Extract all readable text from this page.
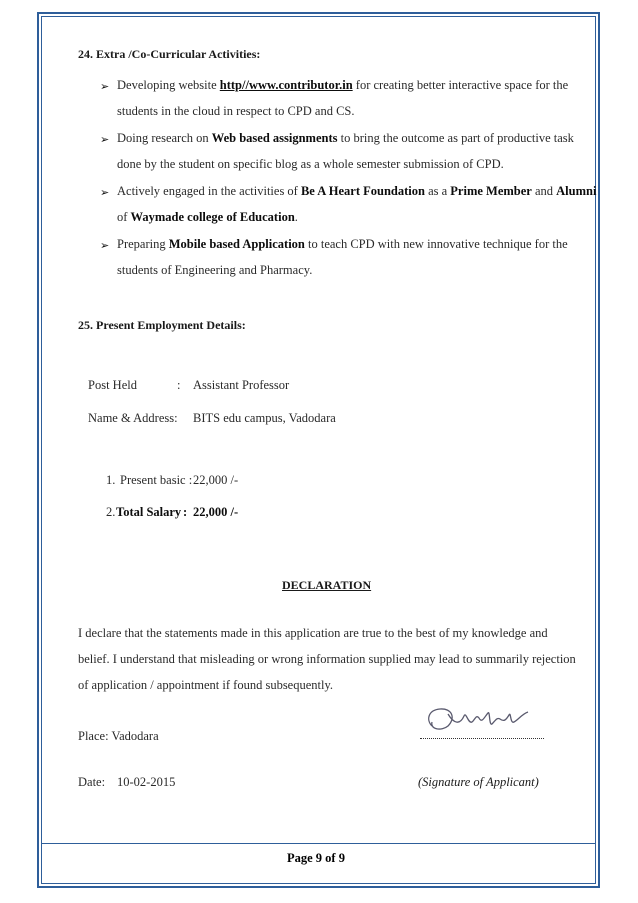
24. Extra /Co-Curricular Activities:
➢ Developing website http//www.contributor.in for creating better interactive space for the
students in the cloud in respect to CPD and CS.
➢ Doing research on Web based assignments to bring the outcome as part of productive task
done by the student on specific blog as a whole semester submission of CPD.
➢ Actively engaged in the activities of Be A Heart Foundation as a Prime Member and Alumni
of Waymade college of Education.
➢ Preparing Mobile based Application to teach CPD with new innovative technique for the
students of Engineering and Pharmacy.
25. Present Employment Details:
Post Held	: Assistant Professor
Name & Address: BITS edu campus, Vadodara
1. Present basic : 22,000 /-
2. Total Salary : 22,000 /-
DECLARATION
I declare that the statements made in this application are true to the best of my knowledge and
belief. I understand that misleading or wrong information supplied may lead to summarily rejection
of application / appointment if found subsequently.
Place: Vadodara
Date: 10-02-2015	(Signature of Applicant)
Page 9 of 9
